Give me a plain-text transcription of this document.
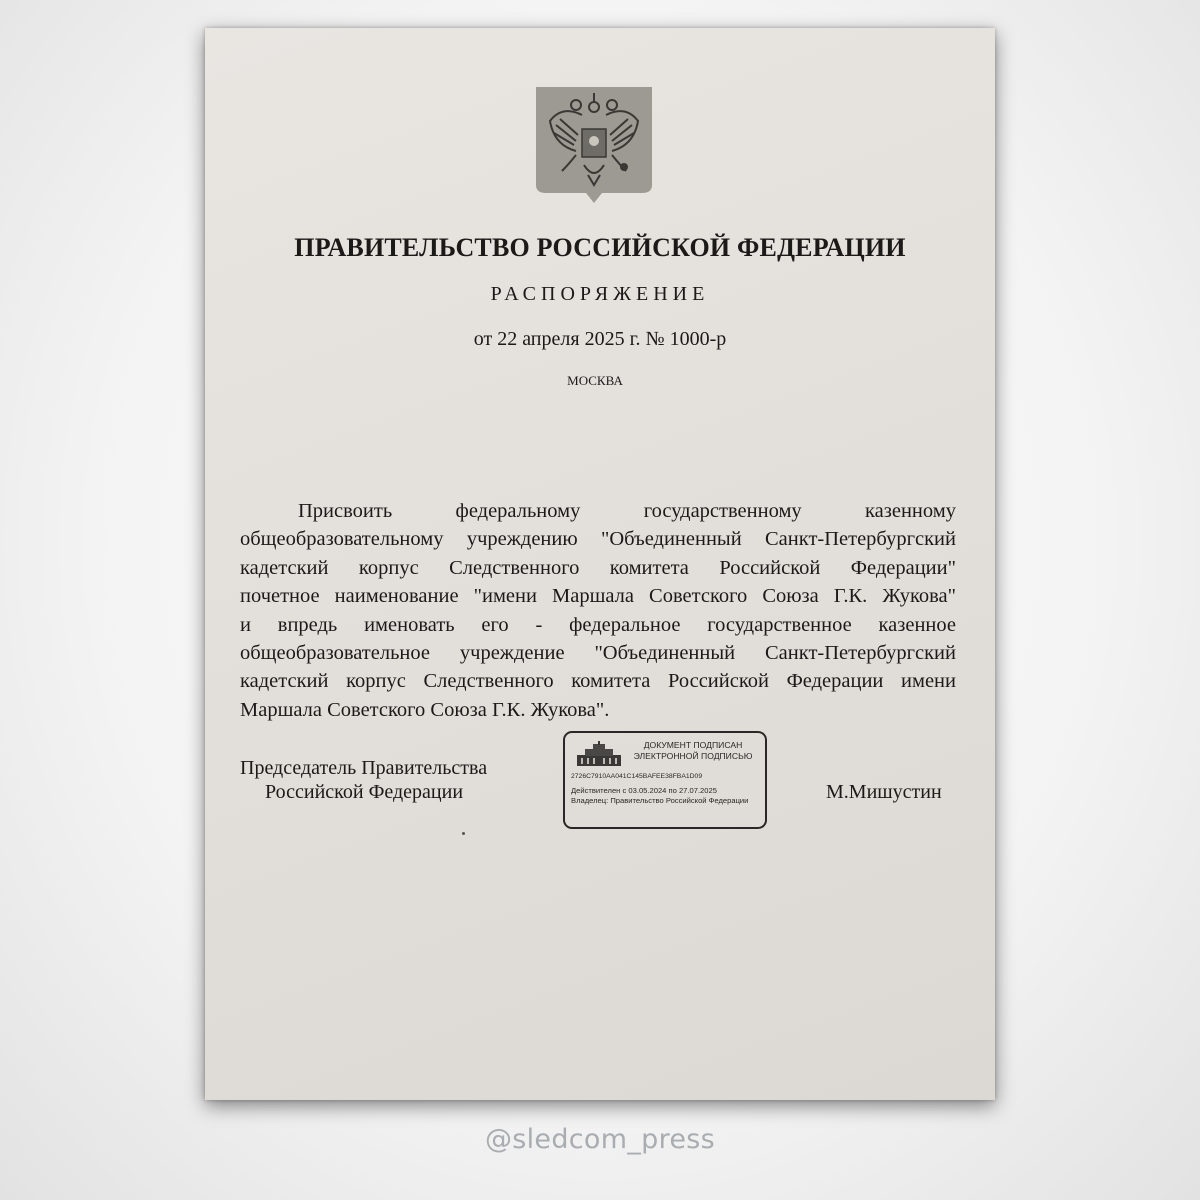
ПРАВИТЕЛЬСТВО РОССИЙСКОЙ ФЕДЕРАЦИИ
РАСПОРЯЖЕНИЕ
от 22 апреля 2025 г. № 1000-р
МОСКВА
Присвоить федеральному государственному казенному
общеобразовательному учреждению "Объединенный Санкт-Петербургский
кадетский корпус Следственного комитета Российской Федерации"
почетное наименование "имени Маршала Советского Союза Г.К. Жукова"
и впредь именовать его - федеральное государственное казенное
общеобразовательное учреждение "Объединенный Санкт-Петербургский
кадетский корпус Следственного комитета Российской Федерации имени
Маршала Советского Союза Г.К. Жукова".
Председатель Правительства
Российской Федерации
ДОКУМЕНТ ПОДПИСАН
ЭЛЕКТРОННОЙ ПОДПИСЬЮ
2726C7910AA041C145BAFEE38FBA1D09
Действителен с 03.05.2024 по 27.07.2025
Владелец: Правительство Российской Федерации	М.Мишустин
@sledcom_press
